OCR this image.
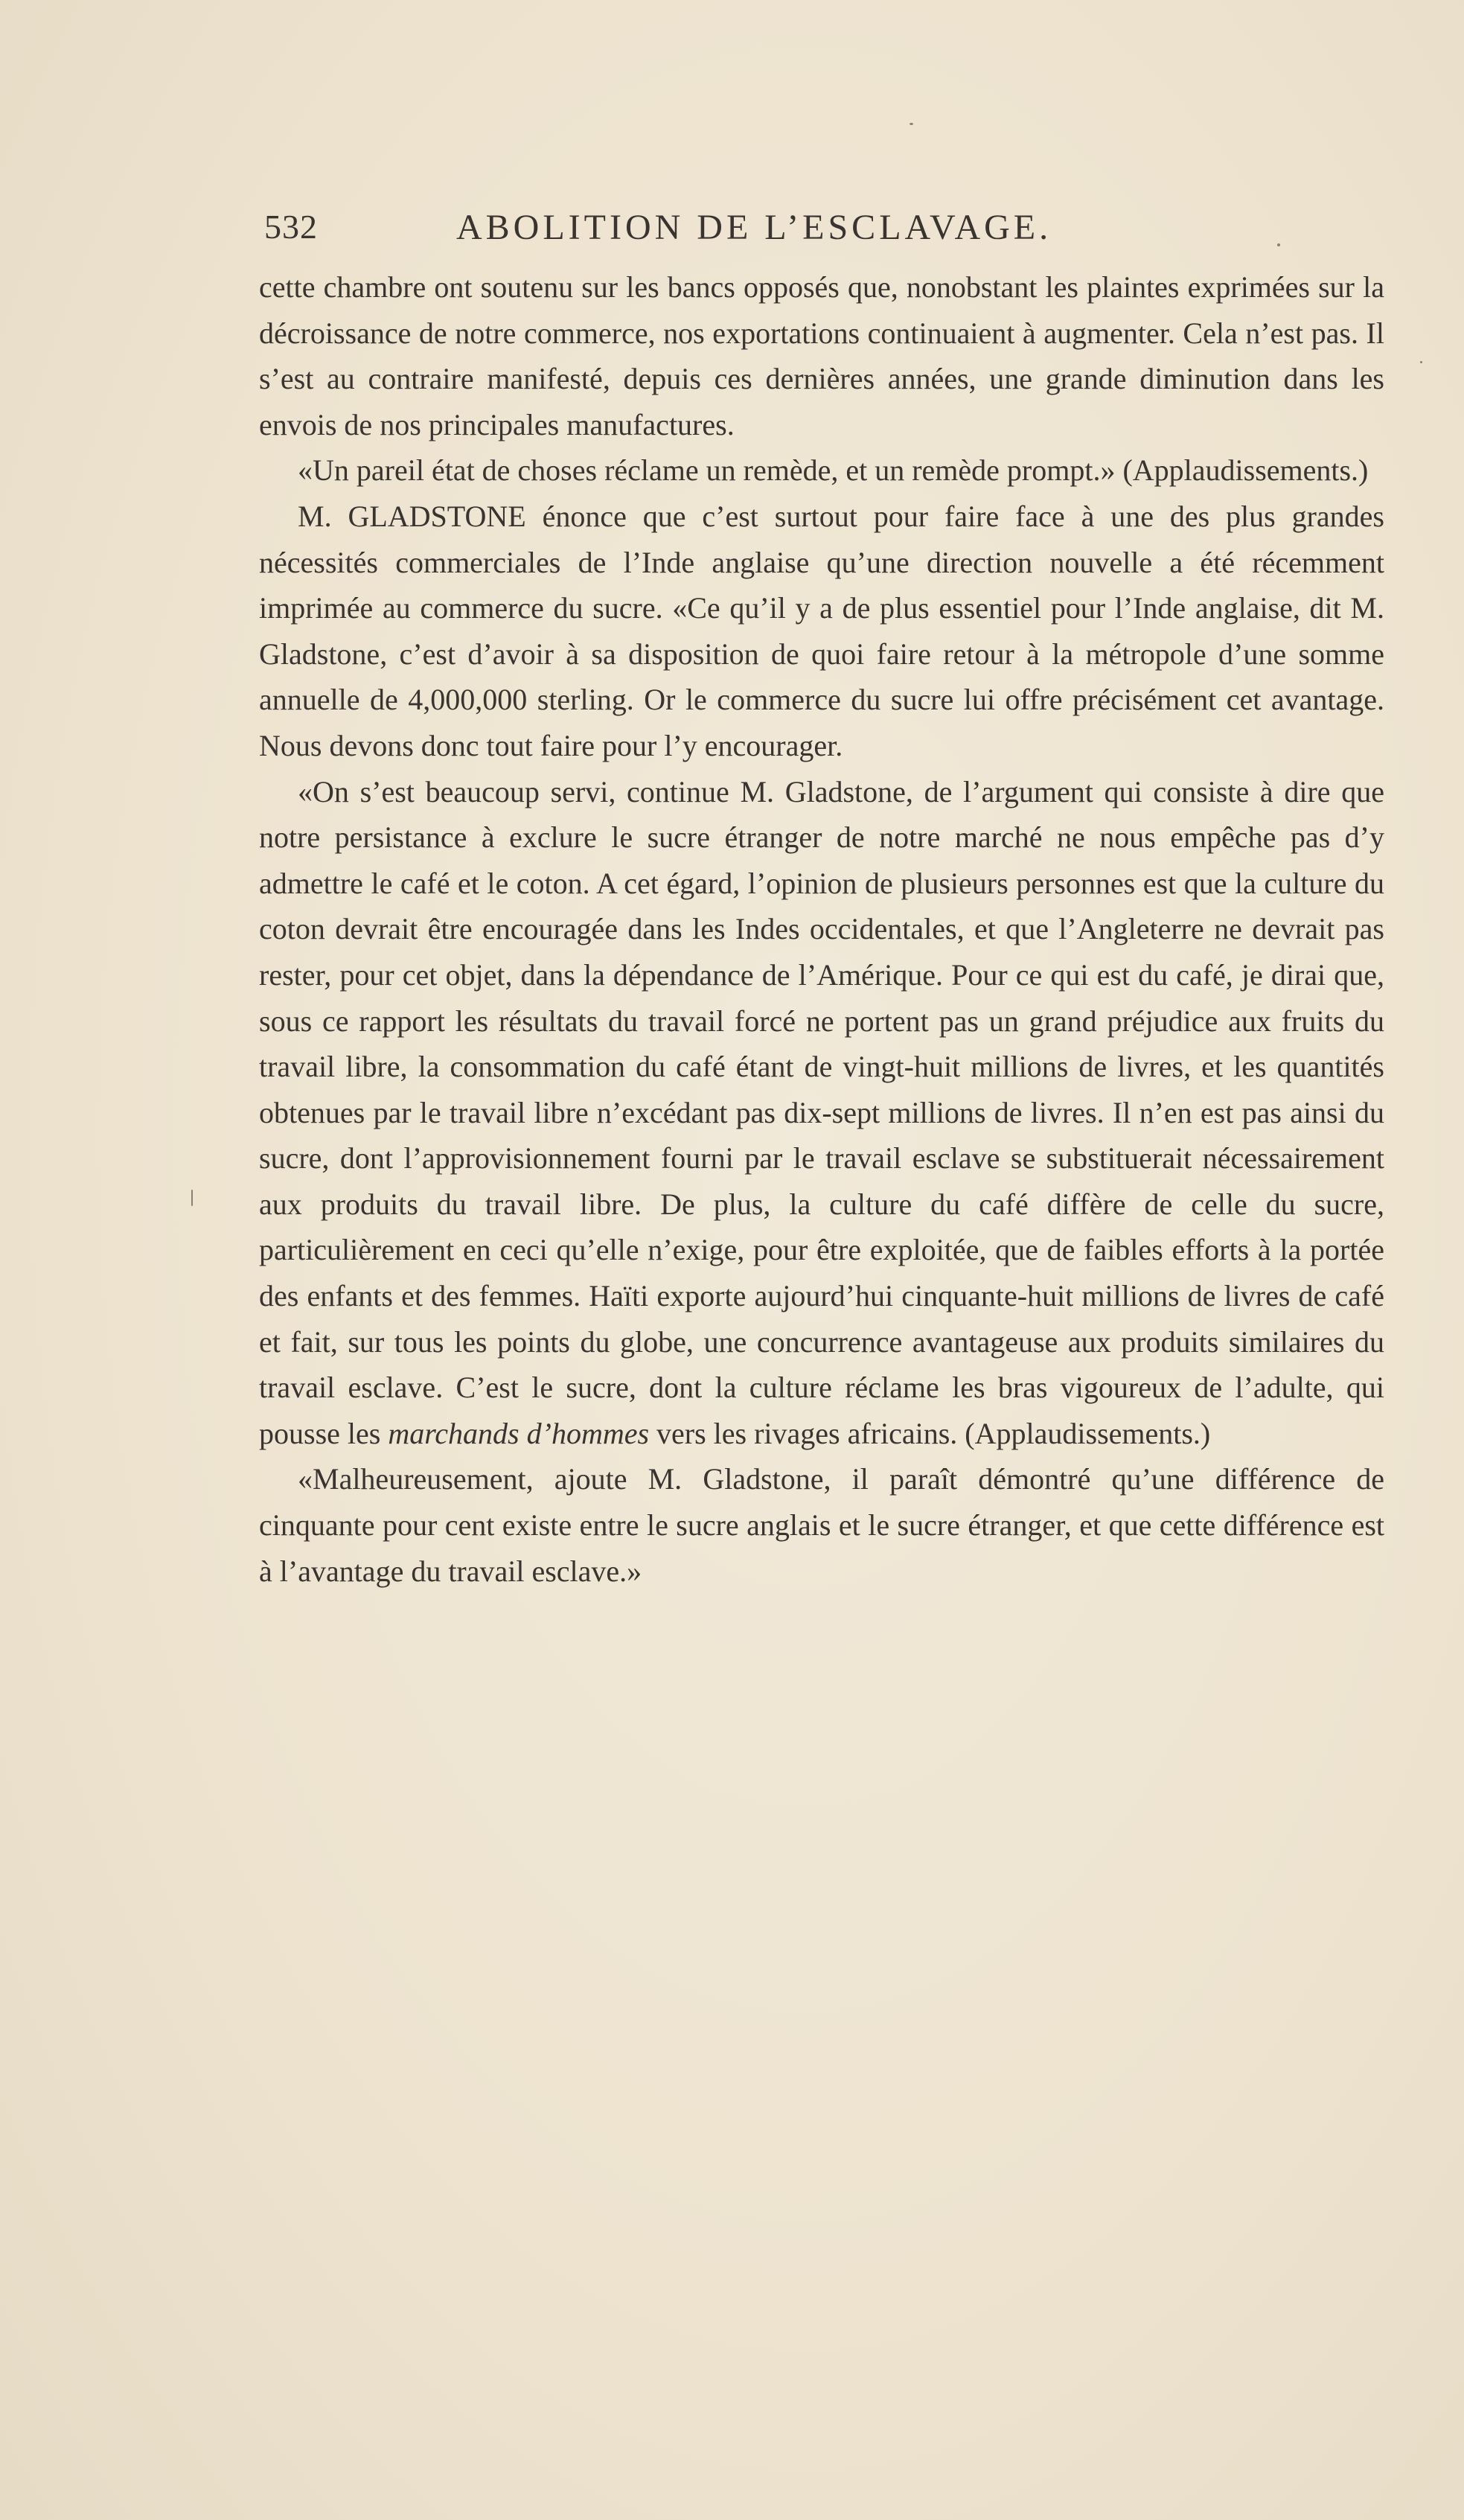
532	ABOLITION DE L’ESCLAVAGE.

cette chambre ont soutenu sur les bancs opposés que, nonobstant les plaintes exprimées sur la décroissance de notre commerce, nos exportations continuaient à augmenter. Cela n’est pas. Il s’est au contraire manifesté, depuis ces dernières années, une grande diminution dans les envois de nos principales manufactures.

«Un pareil état de choses réclame un remède, et un remède prompt.» (Applaudissements.)

M. GLADSTONE énonce que c’est surtout pour faire face à une des plus grandes nécessités commerciales de l’Inde anglaise qu’une direction nouvelle a été récemment imprimée au commerce du sucre. «Ce qu’il y a de plus essentiel pour l’Inde anglaise, dit M. Gladstone, c’est d’avoir à sa disposition de quoi faire retour à la métropole d’une somme annuelle de 4,000,000 sterling. Or le commerce du sucre lui offre précisément cet avantage. Nous devons donc tout faire pour l’y encourager.

«On s’est beaucoup servi, continue M. Gladstone, de l’argument qui consiste à dire que notre persistance à exclure le sucre étranger de notre marché ne nous empêche pas d’y admettre le café et le coton. A cet égard, l’opinion de plusieurs personnes est que la culture du coton devrait être encouragée dans les Indes occidentales, et que l’Angleterre ne devrait pas rester, pour cet objet, dans la dépendance de l’Amérique. Pour ce qui est du café, je dirai que, sous ce rapport les résultats du travail forcé ne portent pas un grand préjudice aux fruits du travail libre, la consommation du café étant de vingt-huit millions de livres, et les quantités obtenues par le travail libre n’excédant pas dix-sept millions de livres. Il n’en est pas ainsi du sucre, dont l’approvisionnement fourni par le travail esclave se substituerait nécessairement aux produits du travail libre. De plus, la culture du café diffère de celle du sucre, particulièrement en ceci qu’elle n’exige, pour être exploitée, que de faibles efforts à la portée des enfants et des femmes. Haïti exporte aujourd’hui cinquante-huit millions de livres de café et fait, sur tous les points du globe, une concurrence avantageuse aux produits similaires du travail esclave. C’est le sucre, dont la culture réclame les bras vigoureux de l’adulte, qui pousse les marchands d’hommes vers les rivages africains. (Applaudissements.)

«Malheureusement, ajoute M. Gladstone, il paraît démontré qu’une différence de cinquante pour cent existe entre le sucre anglais et le sucre étranger, et que cette différence est à l’avantage du travail esclave.»
